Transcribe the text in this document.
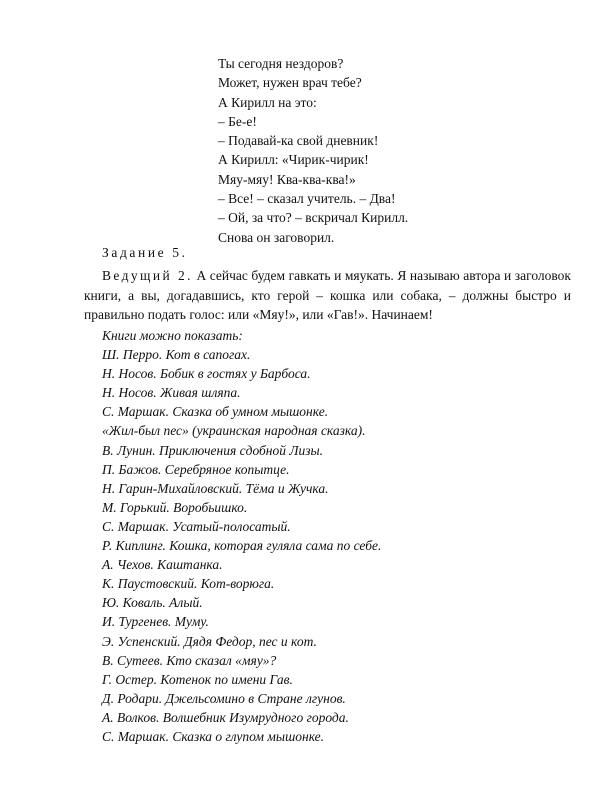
Ты сегодня нездоров?
Может, нужен врач тебе?
А Кирилл на это:
– Бе-е!
– Подавай-ка свой дневник!
А Кирилл: «Чирик-чирик!
Мяу-мяу! Ква-ква-ква!»
– Все! – сказал учитель. – Два!
– Ой, за что? – вскричал Кирилл.
Снова он заговорил.
Задание 5.
Ведущий 2. А сейчас будем гавкать и мяукать. Я называю автора и заголовок книги, а вы, догадавшись, кто герой – кошка или собака, – должны быстро и правильно подать голос: или «Мяу!», или «Гав!». Начинаем!
Книги можно показать:
Ш. Перро. Кот в сапогах.
Н. Носов. Бобик в гостях у Барбоса.
Н. Носов. Живая шляпа.
С. Маршак. Сказка об умном мышонке.
«Жил-был пес» (украинская народная сказка).
В. Лунин. Приключения сдобной Лизы.
П. Бажов. Серебряное копытце.
Н. Гарин-Михайловский. Тёма и Жучка.
М. Горький. Воробьишко.
С. Маршак. Усатый-полосатый.
Р. Киплинг. Кошка, которая гуляла сама по себе.
А. Чехов. Каштанка.
К. Паустовский. Кот-ворюга.
Ю. Коваль. Алый.
И. Тургенев. Муму.
Э. Успенский. Дядя Федор, пес и кот.
В. Сутеев. Кто сказал «мяу»?
Г. Остер. Котенок по имени Гав.
Д. Родари. Джельсомино в Стране лгунов.
А. Волков. Волшебник Изумрудного города.
С. Маршак. Сказка о глупом мышонке.
